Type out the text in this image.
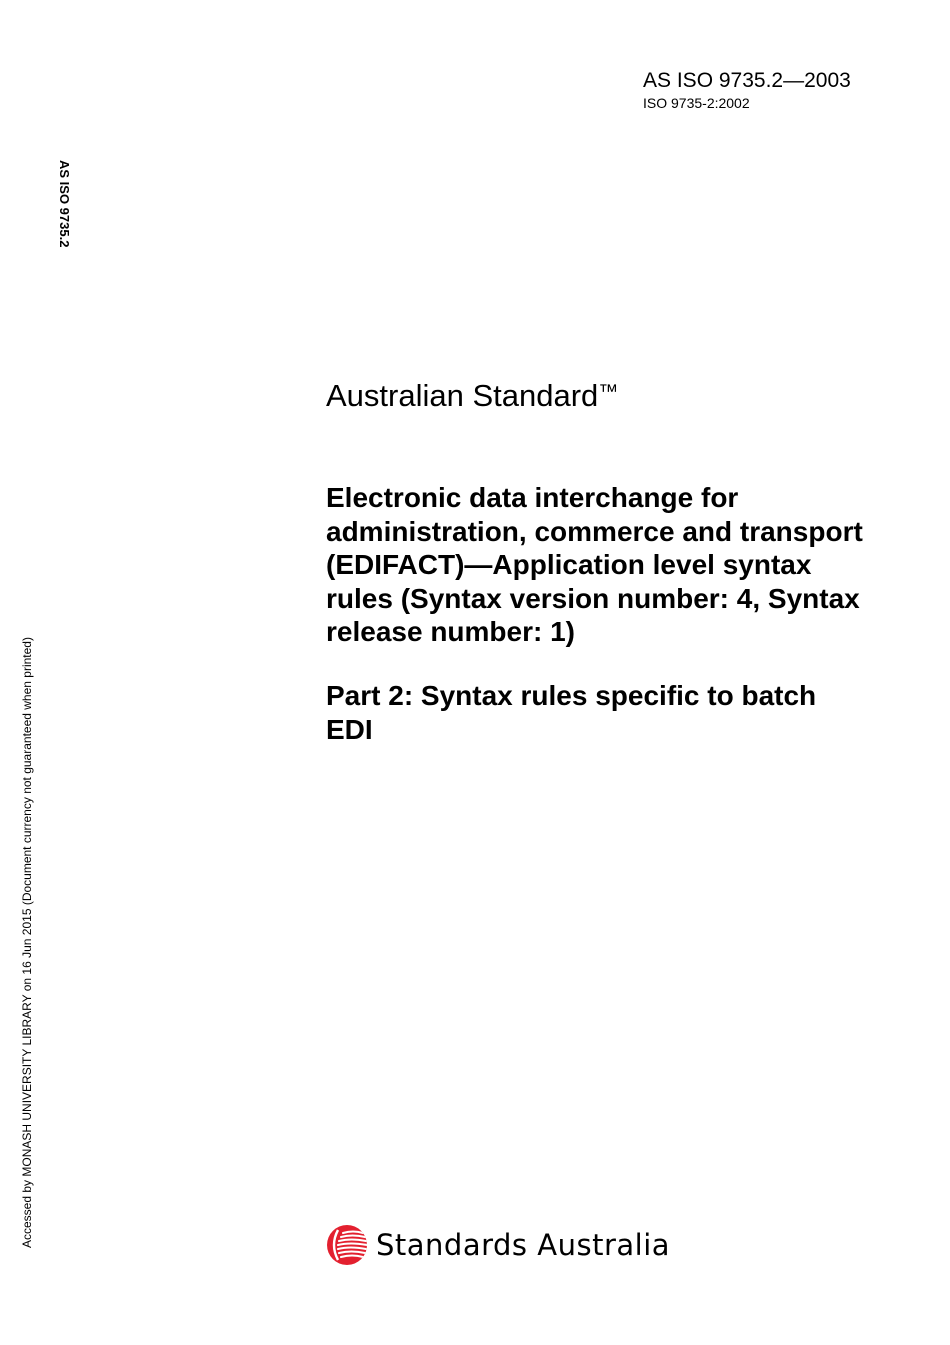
AS ISO 9735.2—2003
ISO 9735-2:2002
AS ISO 9735.2
Accessed by MONASH UNIVERSITY LIBRARY on 16 Jun 2015 (Document currency not guaranteed when printed)
Australian Standard™
Electronic data interchange for
administration, commerce and transport
(EDIFACT)—Application level syntax
rules (Syntax version number: 4, Syntax
release number: 1)
Part 2: Syntax rules specific to batch
EDI
Standards Australia
